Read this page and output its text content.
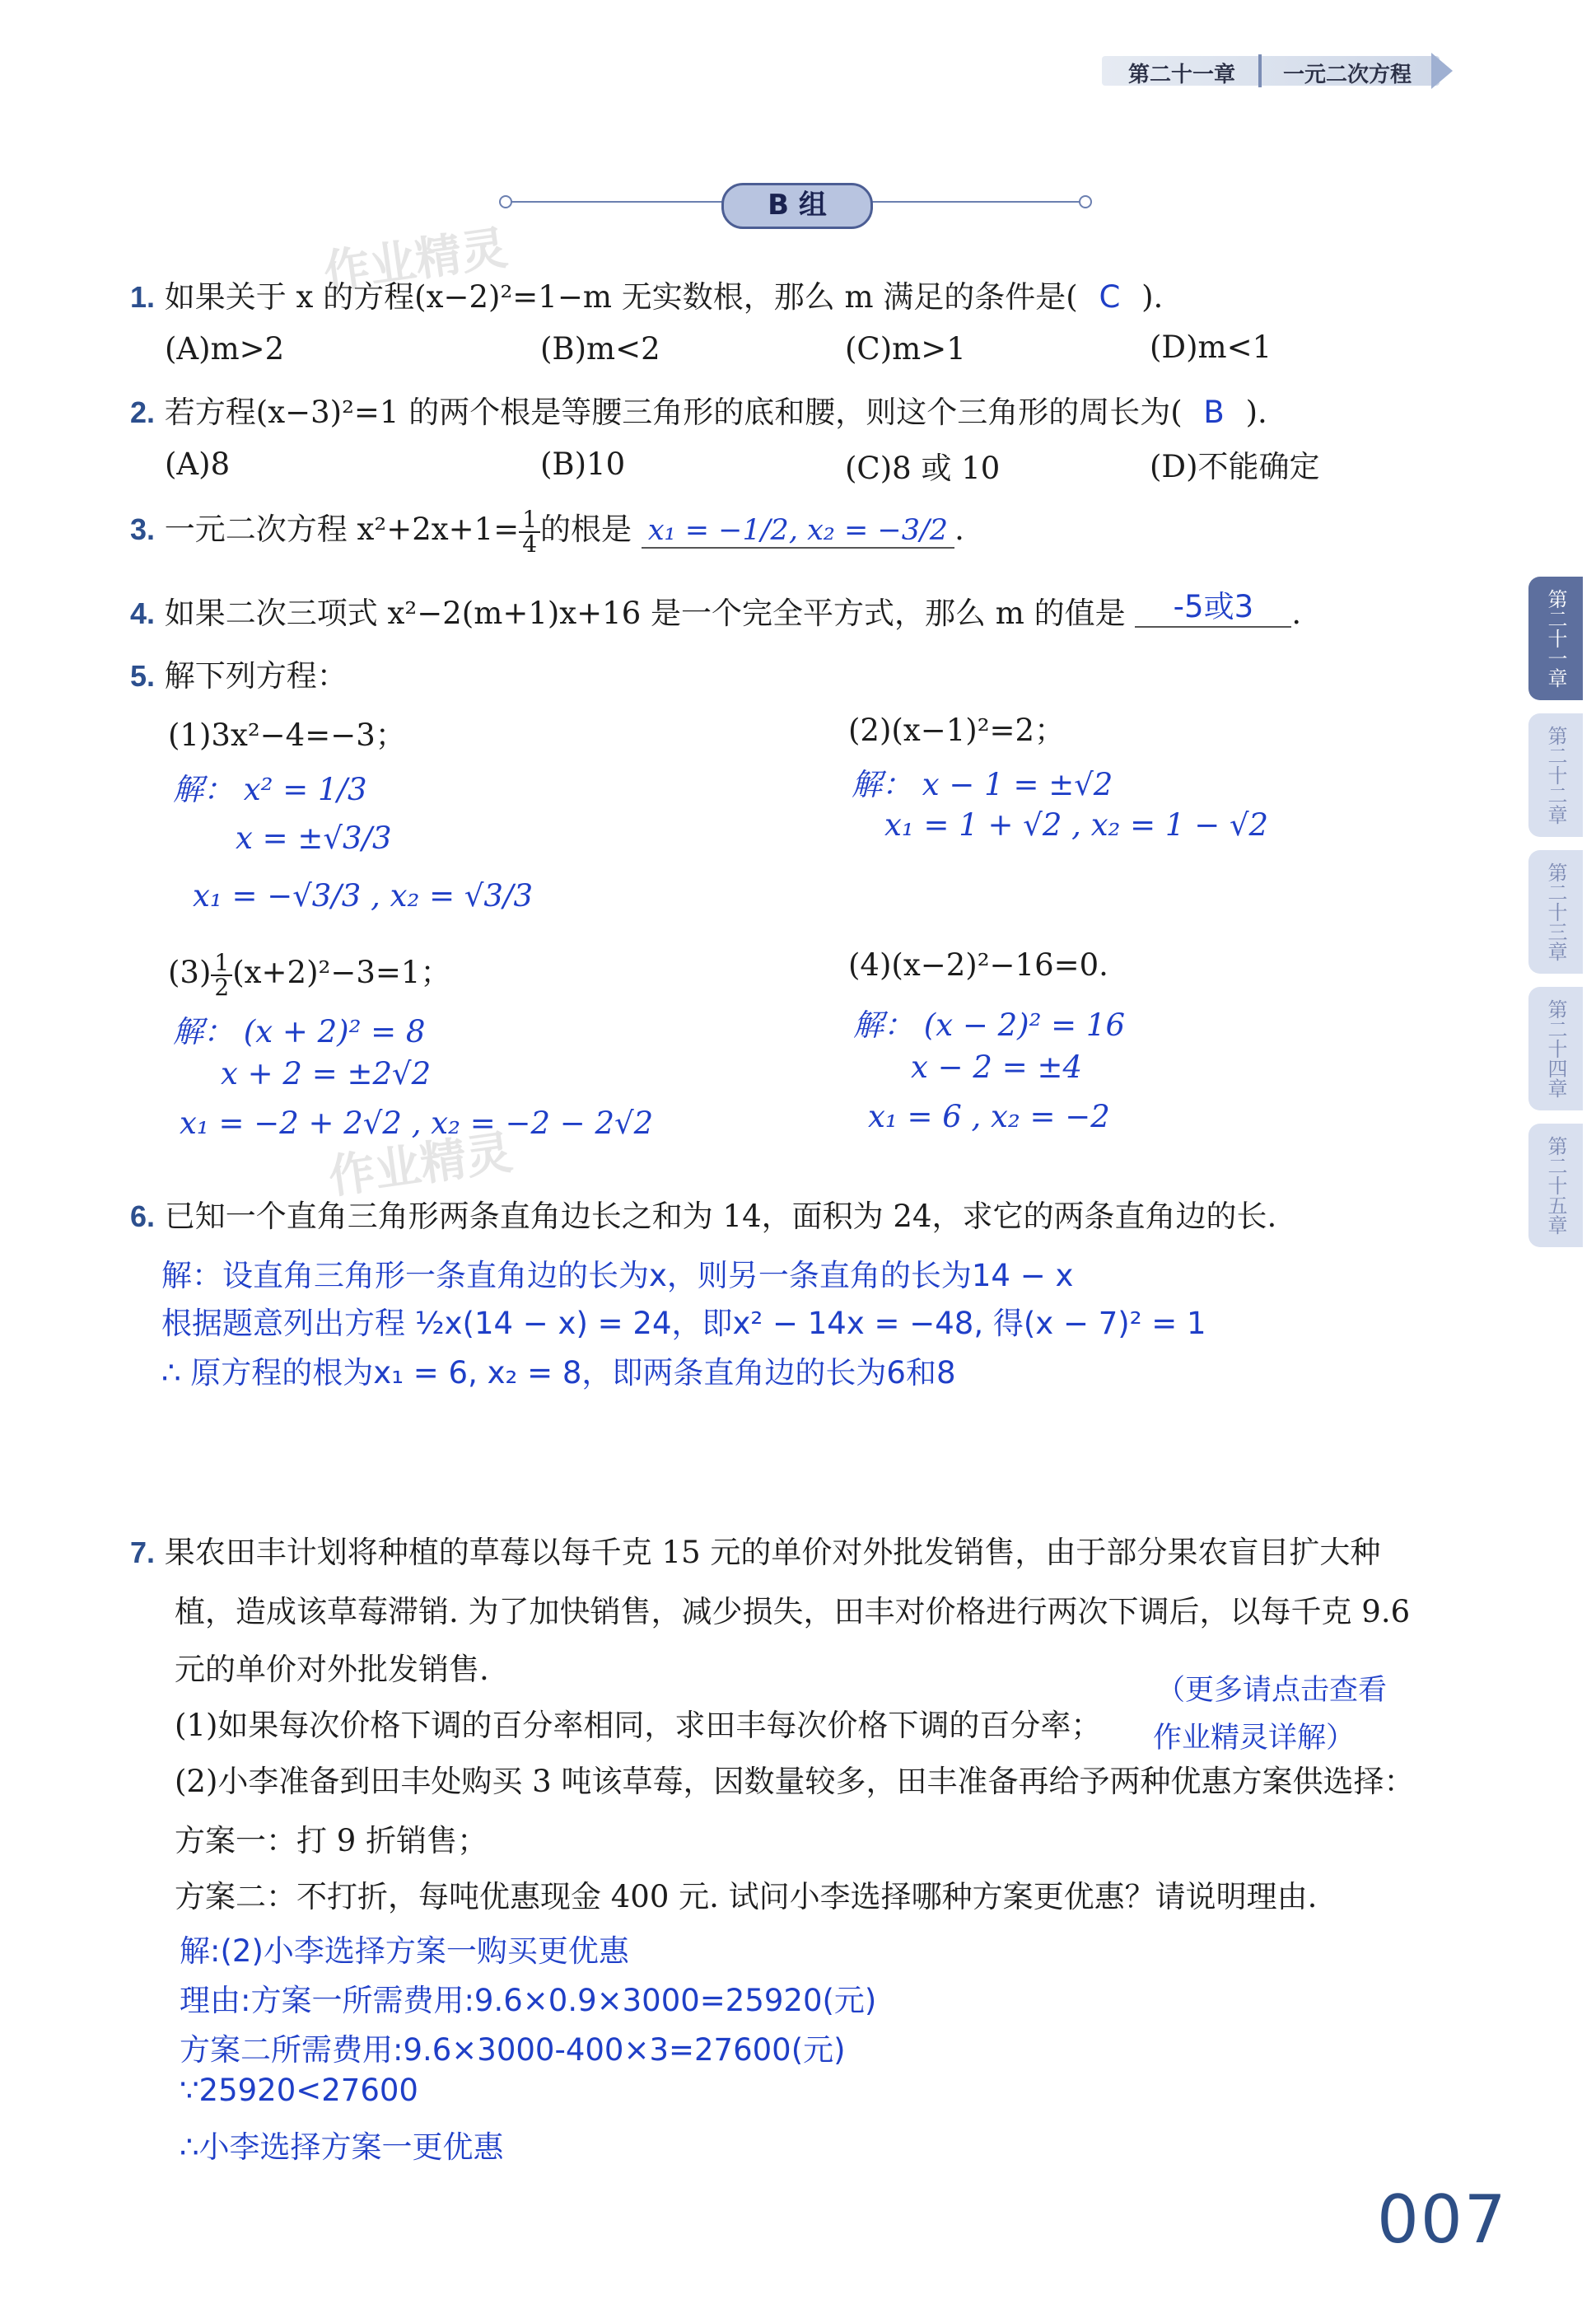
第二十一章 一元二次方程
B 组
作业精灵
作业精灵
第二十一章
第二十二章
第二十三章
第二十四章
第二十五章
1. 如果关于 x 的方程(x−2)²=1−m 无实数根，那么 m 满足的条件是( C ).
(A)m>2	(B)m<2	(C)m>1	(D)m<1
2. 若方程(x−3)²=1 的两个根是等腰三角形的底和腰，则这个三角形的周长为( B ).
(A)8	(B)10	(C)8 或 10	(D)不能确定
3. 一元二次方程 $x^2+2x+1= \frac{1}{4}$ 的根是 x₁ = −1/2, x₂ = −3/2 .
4. 如果二次三项式 x²−2(m+1)x+16 是一个完全平方式，那么 m 的值是 -5或3 .
5. 解下列方程：
(1)3x²−4=−3；
解： x² = 1/3
x = ±√3/3
x₁ = −√3/3 , x₂ = √3/3
(2)(x−1)²=2；
解： x − 1 = ±√2
x₁ = 1 + √2 , x₂ = 1 − √2
$(3) \frac{1}{2} (x+2)^2-3=1$；
解： (x + 2)² = 8
x + 2 = ±2√2
x₁ = −2 + 2√2 , x₂ = −2 − 2√2
(4)(x−2)²−16=0.
解： (x − 2)² = 16
x − 2 = ±4
x₁ = 6 , x₂ = −2
6. 已知一个直角三角形两条直角边长之和为 14，面积为 24，求它的两条直角边的长.
解：设直角三角形一条直角边的长为x，则另一条直角的长为14 − x
根据题意列出方程 ½x(14 − x) = 24，即x² − 14x = −48, 得(x − 7)² = 1
∴ 原方程的根为x₁ = 6, x₂ = 8，即两条直角边的长为6和8
7. 果农田丰计划将种植的草莓以每千克 15 元的单价对外批发销售，由于部分果农盲目扩大种
植，造成该草莓滞销. 为了加快销售，减少损失，田丰对价格进行两次下调后，以每千克 9.6
元的单价对外批发销售.
(1)如果每次价格下调的百分率相同，求田丰每次价格下调的百分率；
(2)小李准备到田丰处购买 3 吨该草莓，因数量较多，田丰准备再给予两种优惠方案供选择：
方案一：打 9 折销售；
方案二：不打折，每吨优惠现金 400 元. 试问小李选择哪种方案更优惠？请说明理由.
（更多请点击查看
作业精灵详解）
解:(2)小李选择方案一购买更优惠
理由:方案一所需费用:9.6×0.9×3000=25920(元)
方案二所需费用:9.6×3000-400×3=27600(元)
∵25920<27600
∴小李选择方案一更优惠
007
